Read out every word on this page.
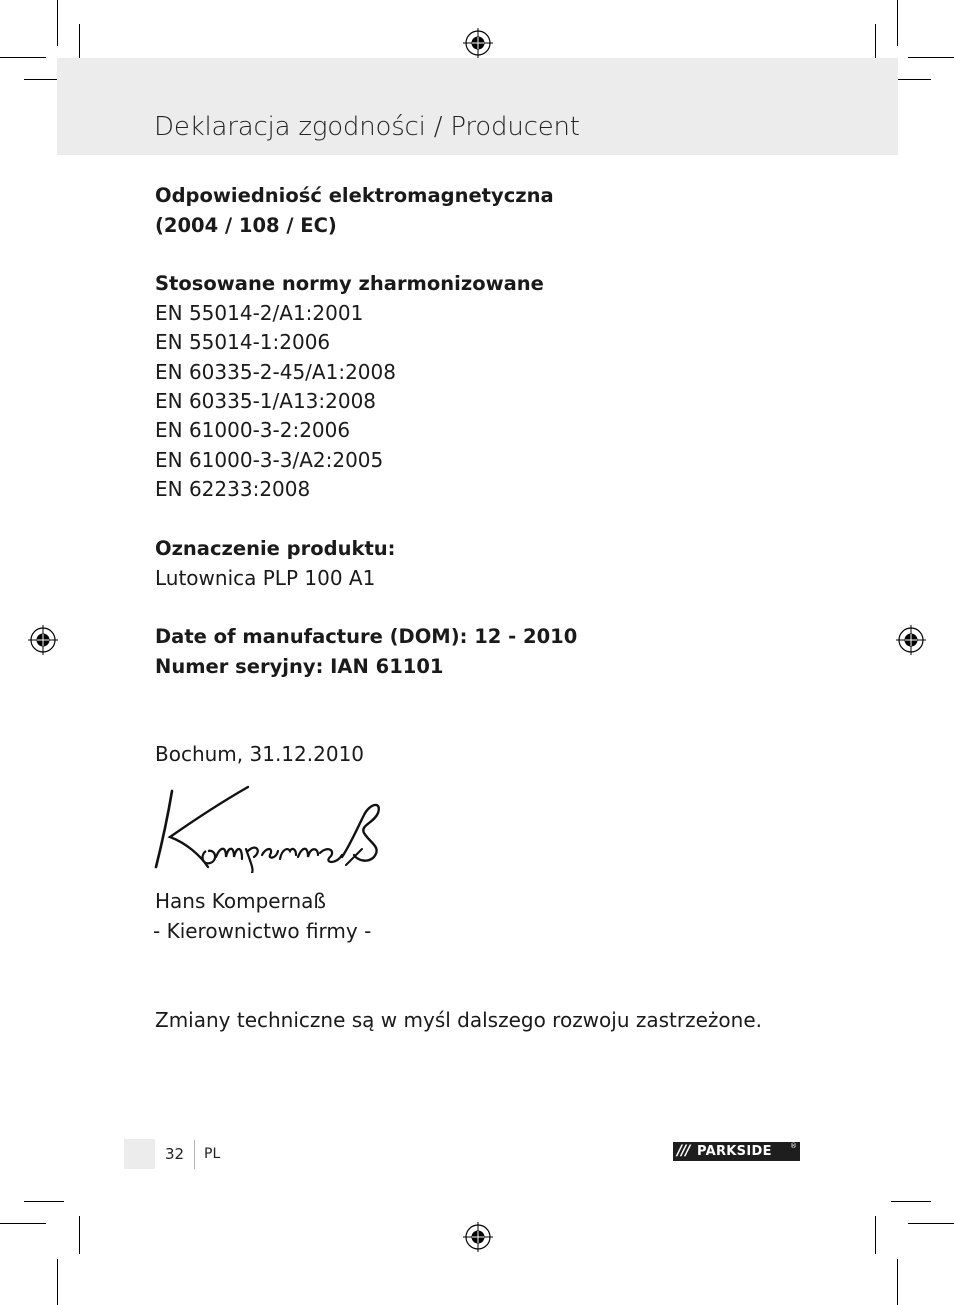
Deklaracja zgodności / Producent
Odpowiedniość elektromagnetyczna
(2004 / 108 / EC)
Stosowane normy zharmonizowane
EN 55014-2/A1:2001
EN 55014-1:2006
EN 60335-2-45/A1:2008
EN 60335-1/A13:2008
EN 61000-3-2:2006
EN 61000-3-3/A2:2005
EN 62233:2008
Oznaczenie produktu:
Lutownica PLP 100 A1
Date of manufacture (DOM): 12 - 2010
Numer seryjny: IAN 61101
Bochum, 31.12.2010
Hans Kompernaß
- Kierownictwo firmy -
Zmiany techniczne są w myśl dalszego rozwoju zastrzeżone.
32 PL	/// PARKSIDE	®
